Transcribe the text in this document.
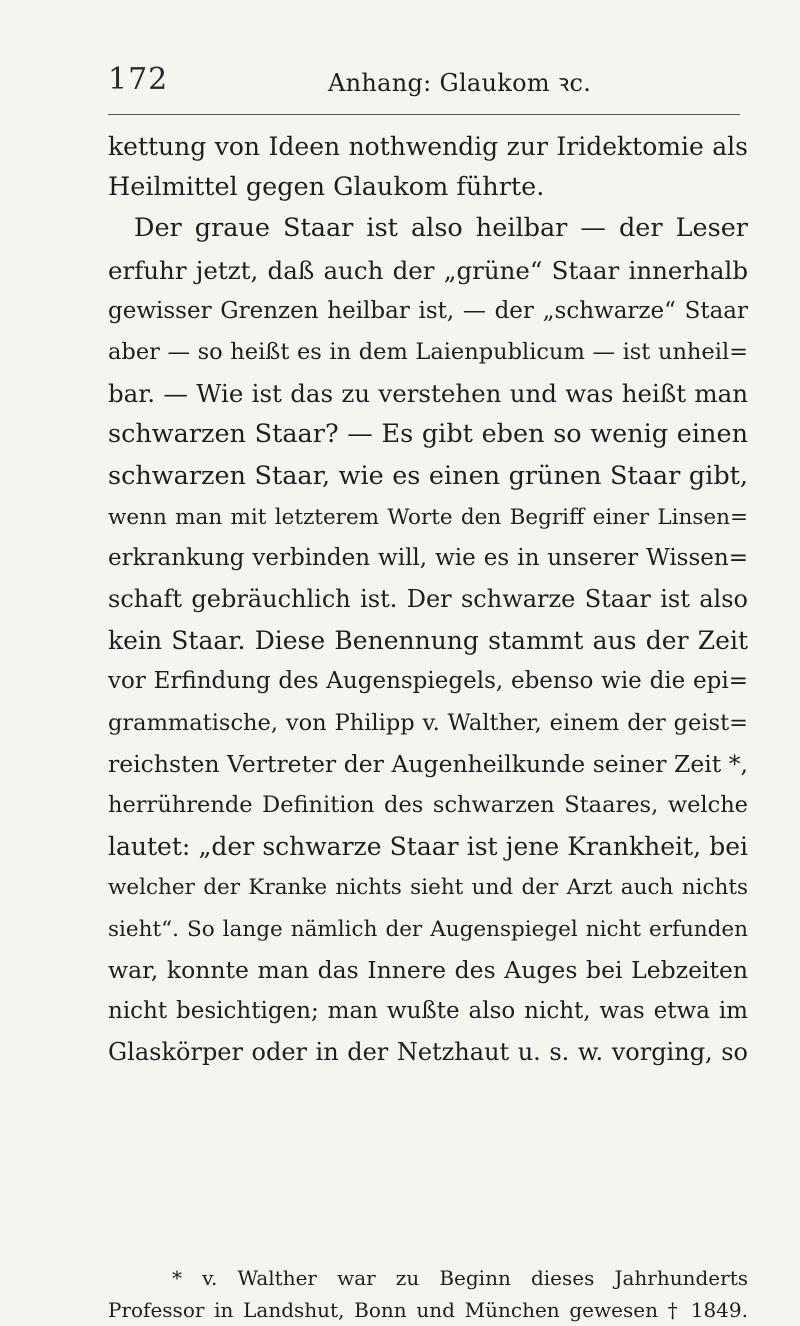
172	Anhang: Glaukom ꝛc.
kettung von Ideen nothwendig zur Iridektomie als
Heilmittel gegen Glaukom führte.
Der graue Staar ist also heilbar — der Leser
erfuhr jetzt, daß auch der „grüne“ Staar innerhalb
gewisser Grenzen heilbar ist, — der „schwarze“ Staar
aber — so heißt es in dem Laienpublicum — ist unheil=
bar. — Wie ist das zu verstehen und was heißt man
schwarzen Staar? — Es gibt eben so wenig einen
schwarzen Staar, wie es einen grünen Staar gibt,
wenn man mit letzterem Worte den Begriff einer Linsen=
erkrankung verbinden will, wie es in unserer Wissen=
schaft gebräuchlich ist. Der schwarze Staar ist also
kein Staar. Diese Benennung stammt aus der Zeit
vor Erfindung des Augenspiegels, ebenso wie die epi=
grammatische, von Philipp v. Walther, einem der geist=
reichsten Vertreter der Augenheilkunde seiner Zeit *,
herrührende Definition des schwarzen Staares, welche
lautet: „der schwarze Staar ist jene Krankheit, bei
welcher der Kranke nichts sieht und der Arzt auch nichts
sieht“. So lange nämlich der Augenspiegel nicht erfunden
war, konnte man das Innere des Auges bei Lebzeiten
nicht besichtigen; man wußte also nicht, was etwa im
Glaskörper oder in der Netzhaut u. s. w. vorging, so
* v. Walther war zu Beginn dieses Jahrhunderts
Professor in Landshut, Bonn und München gewesen † 1849.
